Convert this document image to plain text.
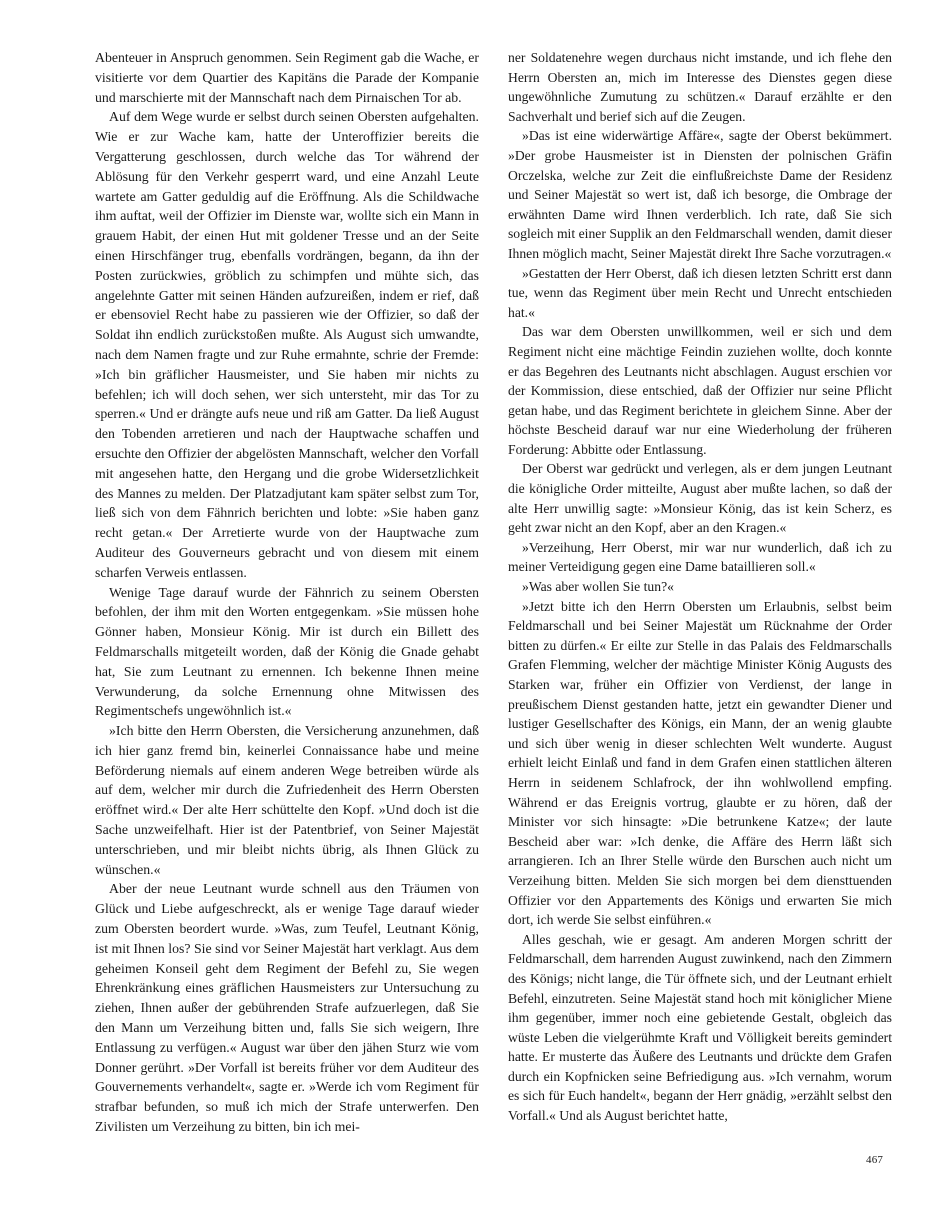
Abenteuer in Anspruch genommen. Sein Regiment gab die Wache, er visitierte vor dem Quartier des Kapitäns die Parade der Kompanie und marschierte mit der Mannschaft nach dem Pirnaischen Tor ab.

Auf dem Wege wurde er selbst durch seinen Obersten aufgehalten. Wie er zur Wache kam, hatte der Unteroffizier bereits die Vergatterung geschlossen, durch welche das Tor während der Ablösung für den Verkehr gesperrt ward, und eine Anzahl Leute wartete am Gatter geduldig auf die Eröffnung. Als die Schildwache ihm auftat, weil der Offizier im Dienste war, wollte sich ein Mann in grauem Habit, der einen Hut mit goldener Tresse und an der Seite einen Hirschfänger trug, ebenfalls vordrängen, begann, da ihn der Posten zurückwies, gröblich zu schimpfen und mühte sich, das angelehnte Gatter mit seinen Händen aufzureißen, indem er rief, daß er ebensoviel Recht habe zu passieren wie der Offizier, so daß der Soldat ihn endlich zurückstoßen mußte. Als August sich umwandte, nach dem Namen fragte und zur Ruhe ermahnte, schrie der Fremde: »Ich bin gräflicher Hausmeister, und Sie haben mir nichts zu befehlen; ich will doch sehen, wer sich untersteht, mir das Tor zu sperren.« Und er drängte aufs neue und riß am Gatter. Da ließ August den Tobenden arretieren und nach der Hauptwache schaffen und ersuchte den Offizier der abgelösten Mannschaft, welcher den Vorfall mit angesehen hatte, den Hergang und die grobe Widersetzlichkeit des Mannes zu melden. Der Platzadjutant kam später selbst zum Tor, ließ sich von dem Fähnrich berichten und lobte: »Sie haben ganz recht getan.« Der Arretierte wurde von der Hauptwache zum Auditeur des Gouverneurs gebracht und von diesem mit einem scharfen Verweis entlassen.

Wenige Tage darauf wurde der Fähnrich zu seinem Obersten befohlen, der ihm mit den Worten entgegenkam. »Sie müssen hohe Gönner haben, Monsieur König. Mir ist durch ein Billett des Feldmarschalls mitgeteilt worden, daß der König die Gnade gehabt hat, Sie zum Leutnant zu ernennen. Ich bekenne Ihnen meine Verwunderung, da solche Ernennung ohne Mitwissen des Regimentschefs ungewöhnlich ist.«

»Ich bitte den Herrn Obersten, die Versicherung anzunehmen, daß ich hier ganz fremd bin, keinerlei Connaissance habe und meine Beförderung niemals auf einem anderen Wege betreiben würde als auf dem, welcher mir durch die Zufriedenheit des Herrn Obersten eröffnet wird.« Der alte Herr schüttelte den Kopf. »Und doch ist die Sache unzweifelhaft. Hier ist der Patentbrief, von Seiner Majestät unterschrieben, und mir bleibt nichts übrig, als Ihnen Glück zu wünschen.«

Aber der neue Leutnant wurde schnell aus den Träumen von Glück und Liebe aufgeschreckt, als er wenige Tage darauf wieder zum Obersten beordert wurde. »Was, zum Teufel, Leutnant König, ist mit Ihnen los? Sie sind vor Seiner Majestät hart verklagt. Aus dem geheimen Konseil geht dem Regiment der Befehl zu, Sie wegen Ehrenkränkung eines gräflichen Hausmeisters zur Untersuchung zu ziehen, Ihnen außer der gebührenden Strafe aufzuerlegen, daß Sie den Mann um Verzeihung bitten und, falls Sie sich weigern, Ihre Entlassung zu verfügen.« August war über den jähen Sturz wie vom Donner gerührt. »Der Vorfall ist bereits früher vor dem Auditeur des Gouvernements verhandelt«, sagte er. »Werde ich vom Regiment für strafbar befunden, so muß ich mich der Strafe unterwerfen. Den Zivilisten um Verzeihung zu bitten, bin ich mei-

ner Soldatenehre wegen durchaus nicht imstande, und ich flehe den Herrn Obersten an, mich im Interesse des Dienstes gegen diese ungewöhnliche Zumutung zu schützen.« Darauf erzählte er den Sachverhalt und berief sich auf die Zeugen.

»Das ist eine widerwärtige Affäre«, sagte der Oberst bekümmert. »Der grobe Hausmeister ist in Diensten der polnischen Gräfin Orczelska, welche zur Zeit die einflußreichste Dame der Residenz und Seiner Majestät so wert ist, daß ich besorge, die Ombrage der erwähnten Dame wird Ihnen verderblich. Ich rate, daß Sie sich sogleich mit einer Supplik an den Feldmarschall wenden, damit dieser Ihnen möglich macht, Seiner Majestät direkt Ihre Sache vorzutragen.«

»Gestatten der Herr Oberst, daß ich diesen letzten Schritt erst dann tue, wenn das Regiment über mein Recht und Unrecht entschieden hat.«

Das war dem Obersten unwillkommen, weil er sich und dem Regiment nicht eine mächtige Feindin zuziehen wollte, doch konnte er das Begehren des Leutnants nicht abschlagen. August erschien vor der Kommission, diese entschied, daß der Offizier nur seine Pflicht getan habe, und das Regiment berichtete in gleichem Sinne. Aber der höchste Bescheid darauf war nur eine Wiederholung der früheren Forderung: Abbitte oder Entlassung.

Der Oberst war gedrückt und verlegen, als er dem jungen Leutnant die königliche Order mitteilte, August aber mußte lachen, so daß der alte Herr unwillig sagte: »Monsieur König, das ist kein Scherz, es geht zwar nicht an den Kopf, aber an den Kragen.«

»Verzeihung, Herr Oberst, mir war nur wunderlich, daß ich zu meiner Verteidigung gegen eine Dame bataillieren soll.«

»Was aber wollen Sie tun?«

»Jetzt bitte ich den Herrn Obersten um Erlaubnis, selbst beim Feldmarschall und bei Seiner Majestät um Rücknahme der Order bitten zu dürfen.« Er eilte zur Stelle in das Palais des Feldmarschalls Grafen Flemming, welcher der mächtige Minister König Augusts des Starken war, früher ein Offizier von Verdienst, der lange in preußischem Dienst gestanden hatte, jetzt ein gewandter Diener und lustiger Gesellschafter des Königs, ein Mann, der an wenig glaubte und sich über wenig in dieser schlechten Welt wunderte. August erhielt leicht Einlaß und fand in dem Grafen einen stattlichen älteren Herrn in seidenem Schlafrock, der ihn wohlwollend empfing. Während er das Ereignis vortrug, glaubte er zu hören, daß der Minister vor sich hinsagte: »Die betrunkene Katze«; der laute Bescheid aber war: »Ich denke, die Affäre des Herrn läßt sich arrangieren. Ich an Ihrer Stelle würde den Burschen auch nicht um Verzeihung bitten. Melden Sie sich morgen bei dem diensttuenden Offizier vor den Appartements des Königs und erwarten Sie mich dort, ich werde Sie selbst einführen.«

Alles geschah, wie er gesagt. Am anderen Morgen schritt der Feldmarschall, dem harrenden August zuwinkend, nach den Zimmern des Königs; nicht lange, die Tür öffnete sich, und der Leutnant erhielt Befehl, einzutreten. Seine Majestät stand hoch mit königlicher Miene ihm gegenüber, immer noch eine gebietende Gestalt, obgleich das wüste Leben die vielgerühmte Kraft und Völligkeit bereits gemindert hatte. Er musterte das Äußere des Leutnants und drückte dem Grafen durch ein Kopfnicken seine Befriedigung aus. »Ich vernahm, worum es sich für Euch handelt«, begann der Herr gnädig, »erzählt selbst den Vorfall.« Und als August berichtet hatte,

467
